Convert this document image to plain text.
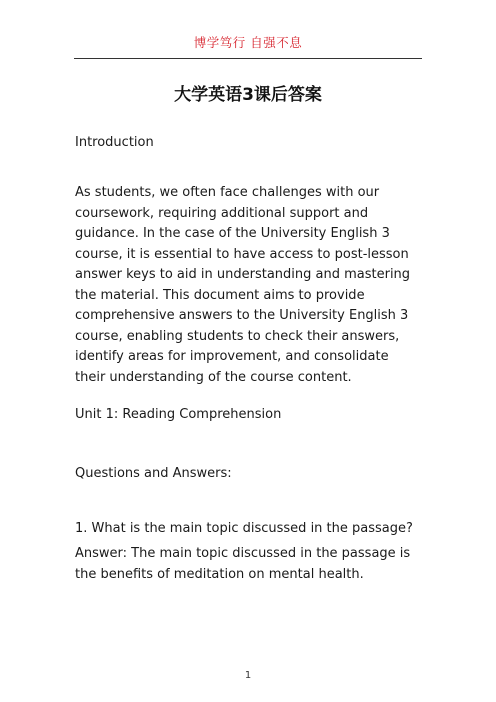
博学笃行 自强不息
大学英语3课后答案
Introduction
As students, we often face challenges with our coursework, requiring additional support and guidance. In the case of the University English 3 course, it is essential to have access to post-lesson answer keys to aid in understanding and mastering the material. This document aims to provide comprehensive answers to the University English 3 course, enabling students to check their answers, identify areas for improvement, and consolidate their understanding of the course content.
Unit 1: Reading Comprehension
Questions and Answers:
1. What is the main topic discussed in the passage?
Answer: The main topic discussed in the passage is the benefits of meditation on mental health.
1
